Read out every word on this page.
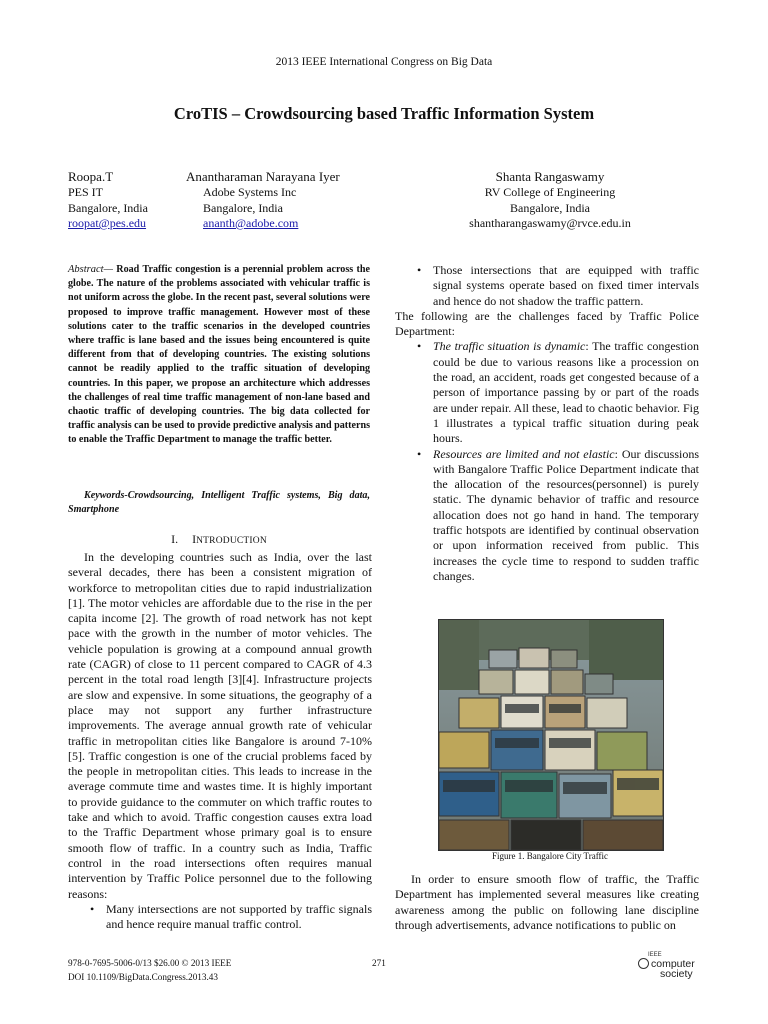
2013 IEEE International Congress on Big Data
CroTIS – Crowdsourcing based Traffic Information System
Roopa.T
PES IT
Bangalore, India
roopat@pes.edu
Anantharaman Narayana Iyer
Adobe Systems Inc
Bangalore, India
ananth@adobe.com
Shanta Rangaswamy
RV College of Engineering
Bangalore, India
shantharangaswamy@rvce.edu.in
Abstract— Road Traffic congestion is a perennial problem across the globe. The nature of the problems associated with vehicular traffic is not uniform across the globe. In the recent past, several solutions were proposed to improve traffic management. However most of these solutions cater to the traffic scenarios in the developed countries where traffic is lane based and the issues being encountered is quite different from that of developing countries. The existing solutions cannot be readily applied to the traffic situation of developing countries. In this paper, we propose an architecture which addresses the challenges of real time traffic management of non-lane based and chaotic traffic of developing countries. The big data collected for traffic analysis can be used to provide predictive analysis and patterns to enable the Traffic Department to manage the traffic better.
Keywords-Crowdsourcing, Intelligent Traffic systems, Big data, Smartphone
I. INTRODUCTION

In the developing countries such as India, over the last several decades, there has been a consistent migration of workforce to metropolitan cities due to rapid industrialization [1]. The motor vehicles are affordable due to the rise in the per capita income [2]. The growth of road network has not kept pace with the growth in the number of motor vehicles. The vehicle population is growing at a compound annual growth rate (CAGR) of close to 11 percent compared to CAGR of 4.3 percent in the total road length [3][4]. Infrastructure projects are slow and expensive. In some situations, the geography of a place may not support any further infrastructure improvements. The average annual growth rate of vehicular traffic in metropolitan cities like Bangalore is around 7-10% [5]. Traffic congestion is one of the crucial problems faced by the people in metropolitan cities. This leads to increase in the average commute time and wastes time. It is highly important to provide guidance to the commuter on which traffic routes to take and which to avoid. Traffic congestion causes extra load to the Traffic Department whose primary goal is to ensure smooth flow of traffic. In a country such as India, Traffic control in the road intersections often requires manual intervention by Traffic Police personnel due to the following reasons:

• Many intersections are not supported by traffic signals and hence require manual traffic control.
• Those intersections that are equipped with traffic signal systems operate based on fixed timer intervals and hence do not shadow the traffic pattern.

The following are the challenges faced by Traffic Police Department:

• The traffic situation is dynamic: The traffic congestion could be due to various reasons like a procession on the road, an accident, roads get congested because of a person of importance passing by or part of the roads are under repair. All these, lead to chaotic behavior. Fig 1 illustrates a typical traffic situation during peak hours.
• Resources are limited and not elastic: Our discussions with Bangalore Traffic Police Department indicate that the allocation of the resources(personnel) is purely static. The dynamic behavior of traffic and resource allocation does not go hand in hand. The temporary traffic hotspots are identified by continual observation or upon information received from public. This increases the cycle time to respond to sudden traffic changes.
Figure 1. Bangalore City Traffic

In order to ensure smooth flow of traffic, the Traffic Department has implemented several measures like creating awareness among the public on following lane discipline through advertisements, advance notifications to public on

978-0-7695-5006-0/13 $26.00 © 2013 IEEE
DOI 10.1109/BigData.Congress.2013.43
271
IEEE
computer
society
